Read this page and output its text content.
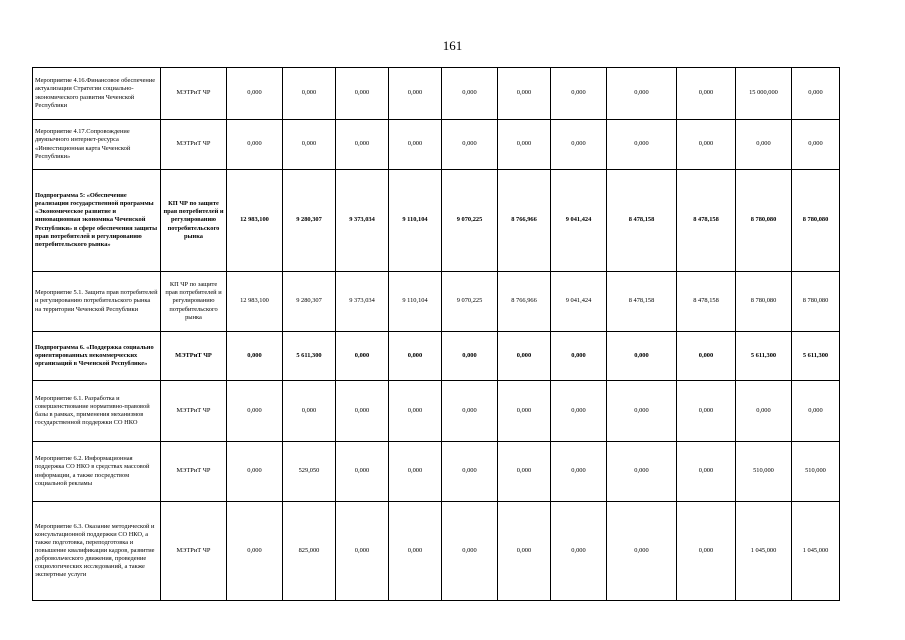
161
Мероприятие 4.16.Финансовое обеспечение актуализации Стратегии социально-экономического развития Чеченской Республики	МЭТРиТ ЧР	0,000	0,000	0,000	0,000	0,000	0,000	0,000	0,000	0,000	15 000,000	0,000
Мероприятие 4.17.Сопровождение двуязычного интернет-ресурса «Инвестиционная карта Чеченской Республики»	МЭТРиТ ЧР	0,000	0,000	0,000	0,000	0,000	0,000	0,000	0,000	0,000	0,000	0,000
Подпрограмма 5: «Обеспечение реализации государственной программы «Экономическое развитие и инновационная экономика Чеченской Республики» в сфере обеспечения защиты прав потребителей и регулированию потребительского рынка»	КП ЧР по защите прав потребителей и регулированию потребительского рынка	12 983,100	9 280,307	9 373,034	9 110,104	9 070,225	8 766,966	9 041,424	8 478,158	8 478,158	8 780,080	8 780,080
Мероприятие 5.1. Защита прав потребителей и регулированию потребительского рынка на территории Чеченской Республики	КП ЧР по защите прав потребителей и регулированию потребительского рынка	12 983,100	9 280,307	9 373,034	9 110,104	9 070,225	8 766,966	9 041,424	8 478,158	8 478,158	8 780,080	8 780,080
Подпрограмма 6. «Поддержка социально ориентированных некоммерческих организаций в Чеченской Республике»	МЭТРиТ ЧР	0,000	5 611,300	0,000	0,000	0,000	0,000	0,000	0,000	0,000	5 611,300	5 611,300
Мероприятие 6.1. Разработка и совершенствование нормативно-правовой базы в рамках, применения механизмов государственной поддержки СО НКО	МЭТРиТ ЧР	0,000	0,000	0,000	0,000	0,000	0,000	0,000	0,000	0,000	0,000	0,000
Мероприятие 6.2. Информационная поддержка СО НКО в средствах массовой информации, а также посредством социальной рекламы	МЭТРиТ ЧР	0,000	529,050	0,000	0,000	0,000	0,000	0,000	0,000	0,000	510,000	510,000
Мероприятие 6.3. Оказание методической и консультационной поддержки СО НКО, а также подготовка, переподготовка и повышение квалификации кадров, развитие добровольческого движения, проведение социологических исследований, а также экспертные услуги	МЭТРиТ ЧР	0,000	825,000	0,000	0,000	0,000	0,000	0,000	0,000	0,000	1 045,000	1 045,000
